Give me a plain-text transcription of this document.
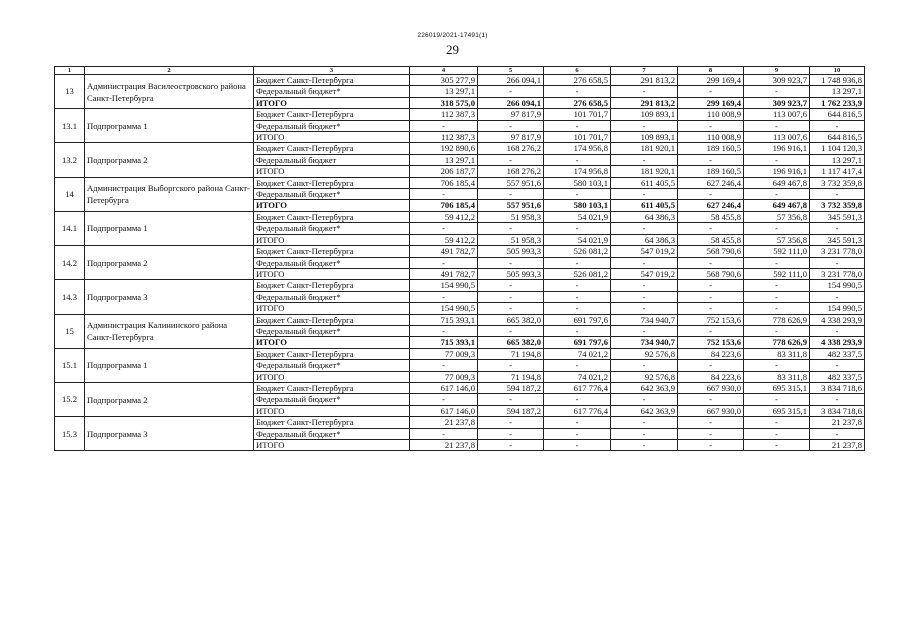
226019/2021-17491(1)
29
1	2	3	4	5	6	7	8	9	10
13	Администрация Василеостровского района Санкт-Петербурга	Бюджет Санкт-Петербурга	305 277,9	266 094,1	276 658,5	291 813,2	299 169,4	309 923,7	1 748 936,8
		Федеральный бюджет*	13 297,1	-	-	-	-	-	13 297,1
		ИТОГО	318 575,0	266 094,1	276 658,5	291 813,2	299 169,4	309 923,7	1 762 233,9
13.1	Подпрограмма 1	Бюджет Санкт-Петербурга	112 387,3	97 817,9	101 701,7	109 893,1	110 008,9	113 007,6	644 816,5
		Федеральный бюджет*	-	-	-	-	-	-	-
		ИТОГО	112 387,3	97 817,9	101 701,7	109 893,1	110 008,9	113 007,6	644 816,5
13.2	Подпрограмма 2	Бюджет Санкт-Петербурга	192 890,6	168 276,2	174 956,8	181 920,1	189 160,5	196 916,1	1 104 120,3
		Федеральный бюджет	13 297,1	-	-	-	-	-	13 297,1
		ИТОГО	206 187,7	168 276,2	174 956,8	181 920,1	189 160,5	196 916,1	1 117 417,4
14	Администрация Выборгского района Санкт-Петербурга	Бюджет Санкт-Петербурга	706 185,4	557 951,6	580 103,1	611 405,5	627 246,4	649 467,8	3 732 359,8
		Федеральный бюджет*	-	-	-	-	-	-	-
		ИТОГО	706 185,4	557 951,6	580 103,1	611 405,5	627 246,4	649 467,8	3 732 359,8
14.1	Подпрограмма 1	Бюджет Санкт-Петербурга	59 412,2	51 958,3	54 021,9	64 386,3	58 455,8	57 356,8	345 591,3
		Федеральный бюджет*	-	-	-	-	-	-	-
		ИТОГО	59 412,2	51 958,3	54 021,9	64 386,3	58 455,8	57 356,8	345 591,3
14.2	Подпрограмма 2	Бюджет Санкт-Петербурга	491 782,7	505 993,3	526 081,2	547 019,2	568 790,6	592 111,0	3 231 778,0
		Федеральный бюджет*	-	-	-	-	-	-	-
		ИТОГО	491 782,7	505 993,3	526 081,2	547 019,2	568 790,6	592 111,0	3 231 778,0
14.3	Подпрограмма 3	Бюджет Санкт-Петербурга	154 990,5	-	-	-	-	-	154 990,5
		Федеральный бюджет*	-	-	-	-	-	-	-
		ИТОГО	154 990,5	-	-	-	-	-	154 990,5
15	Администрация Калининского района Санкт-Петербурга	Бюджет Санкт-Петербурга	715 393,1	665 382,0	691 797,6	734 940,7	752 153,6	778 626,9	4 338 293,9
		Федеральный бюджет*	-	-	-	-	-	-	-
		ИТОГО	715 393,1	665 382,0	691 797,6	734 940,7	752 153,6	778 626,9	4 338 293,9
15.1	Подпрограмма 1	Бюджет Санкт-Петербурга	77 009,3	71 194,8	74 021,2	92 576,8	84 223,6	83 311,8	482 337,5
		Федеральный бюджет*	-	-	-	-	-	-	-
		ИТОГО	77 009,3	71 194,8	74 021,2	92 576,8	84 223,6	83 311,8	482 337,5
15.2	Подпрограмма 2	Бюджет Санкт-Петербурга	617 146,0	594 187,2	617 776,4	642 363,9	667 930,0	695 315,1	3 834 718,6
		Федеральный бюджет*	-	-	-	-	-	-	-
		ИТОГО	617 146,0	594 187,2	617 776,4	642 363,9	667 930,0	695 315,1	3 834 718,6
15.3	Подпрограмма 3	Бюджет Санкт-Петербурга	21 237,8	-	-	-	-	-	21 237,8
		Федеральный бюджет*	-	-	-	-	-	-	-
		ИТОГО	21 237,8	-	-	-	-	-	21 237,8
